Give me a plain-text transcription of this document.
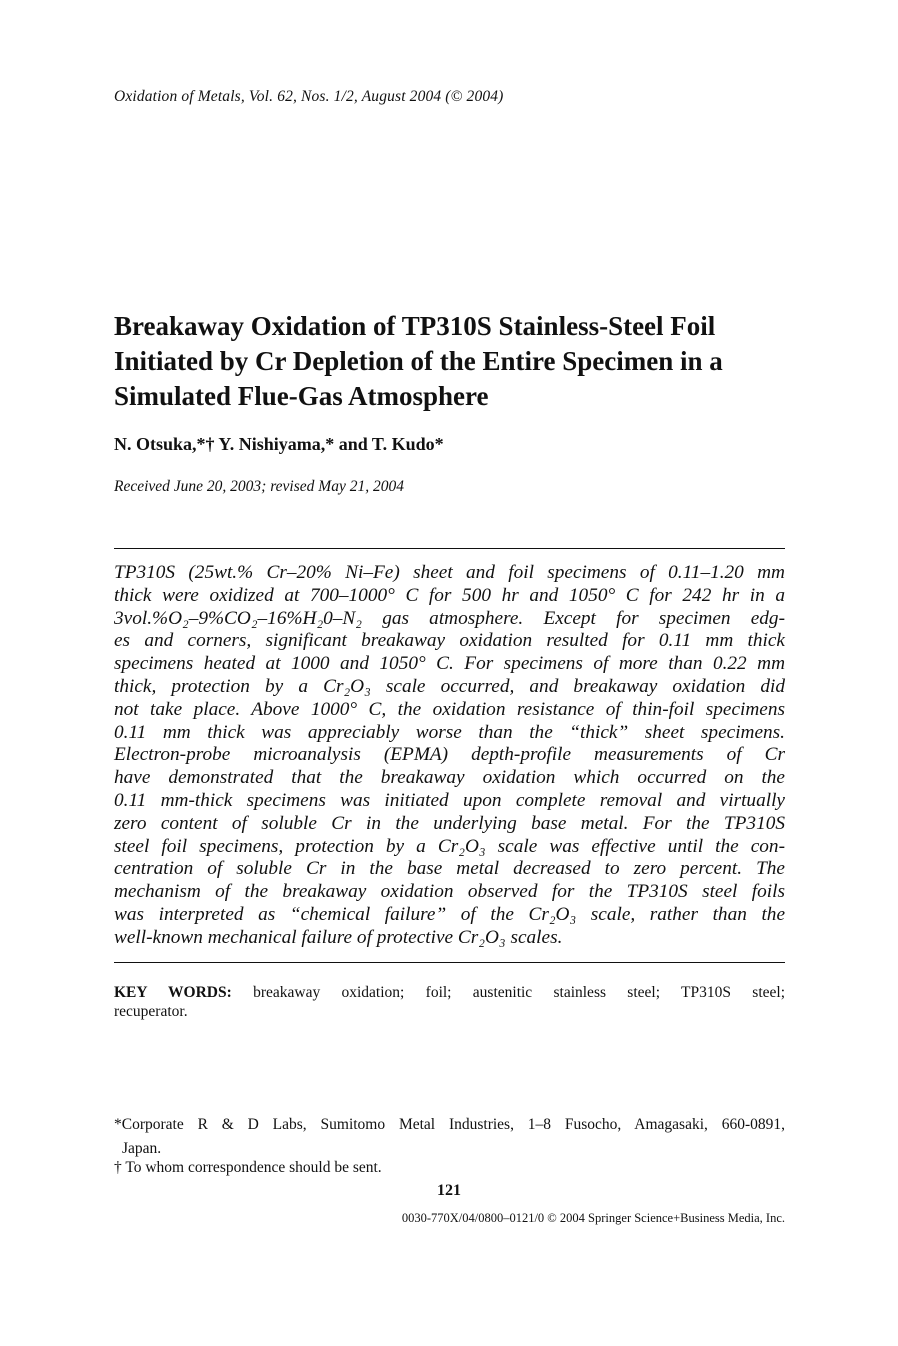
Oxidation of Metals, Vol. 62, Nos. 1/2, August 2004 (© 2004)
Breakaway Oxidation of TP310S Stainless-Steel Foil
Initiated by Cr Depletion of the Entire Specimen in a
Simulated Flue-Gas Atmosphere
N. Otsuka,*† Y. Nishiyama,* and T. Kudo*
Received June 20, 2003; revised May 21, 2004
TP310S (25wt.% Cr–20% Ni–Fe) sheet and foil specimens of 0.11–1.20 mm
thick were oxidized at 700–1000° C for 500 hr and 1050° C for 242 hr in a
3vol.%O₂–9%CO₂–16%H₂0–N₂ gas atmosphere. Except for specimen edg-
es and corners, significant breakaway oxidation resulted for 0.11 mm thick
specimens heated at 1000 and 1050° C. For specimens of more than 0.22 mm
thick, protection by a Cr₂O₃ scale occurred, and breakaway oxidation did
not take place. Above 1000° C, the oxidation resistance of thin-foil specimens
0.11 mm thick was appreciably worse than the “thick” sheet specimens.
Electron-probe microanalysis (EPMA) depth-profile measurements of Cr
have demonstrated that the breakaway oxidation which occurred on the
0.11 mm-thick specimens was initiated upon complete removal and virtually
zero content of soluble Cr in the underlying base metal. For the TP310S
steel foil specimens, protection by a Cr₂O₃ scale was effective until the con-
centration of soluble Cr in the base metal decreased to zero percent. The
mechanism of the breakaway oxidation observed for the TP310S steel foils
was interpreted as “chemical failure” of the Cr₂O₃ scale, rather than the
well-known mechanical failure of protective Cr₂O₃ scales.
KEY WORDS: breakaway oxidation; foil; austenitic stainless steel; TP310S steel;
recuperator.
*Corporate R & D Labs, Sumitomo Metal Industries, 1–8 Fusocho, Amagasaki, 660-0891,
Japan.
† To whom correspondence should be sent.
121
0030-770X/04/0800–0121/0 © 2004 Springer Science+Business Media, Inc.
